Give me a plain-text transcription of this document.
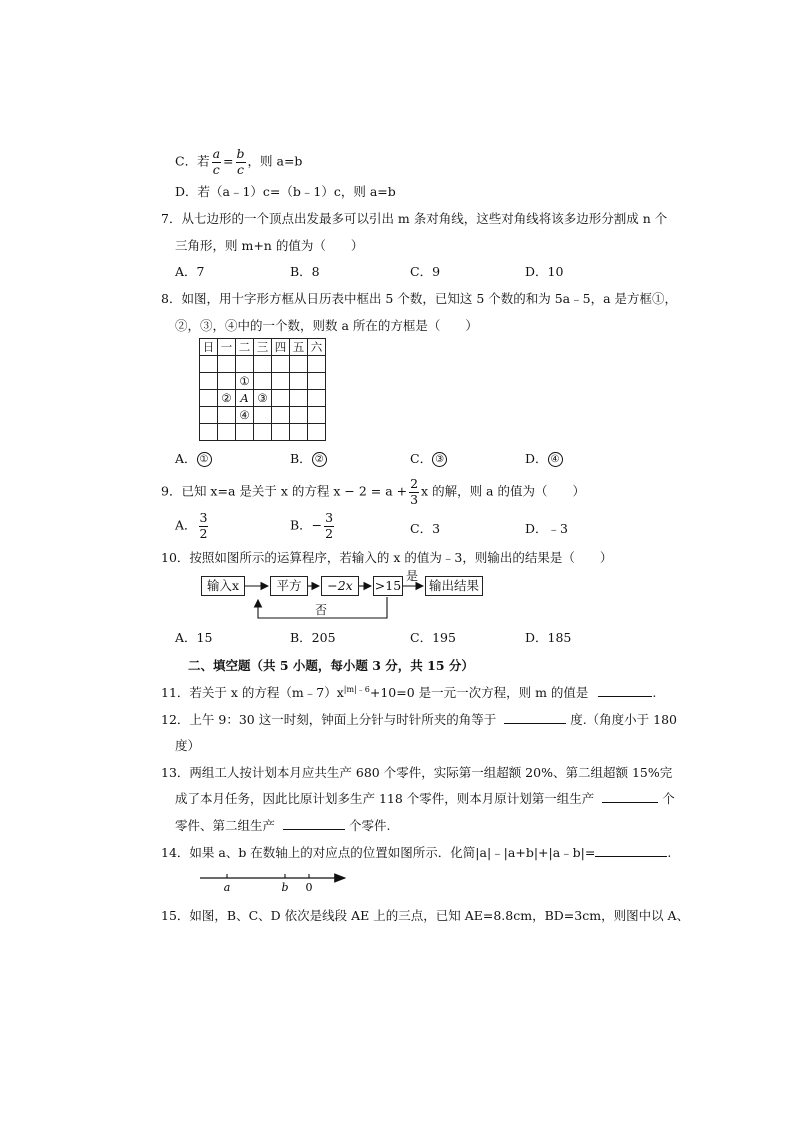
C．若 $\frac{a}{c} = \frac{b}{c}$ ，则 a=b
D．若（a﹣1）c=（b﹣1）c，则 a=b
7．从七边形的一个顶点出发最多可以引出 m 条对角线，这些对角线将该多边形分割成 n 个
三角形，则 m+n 的值为（　　）
A．7	B．8	C．9	D．10
8．如图，用十字形方框从日历表中框出 5 个数，已知这 5 个数的和为 5a﹣5，a 是方框①，
②，③，④中的一个数，则数 a 所在的方框是（　　）
日	一	二	三	四	五	六

		①				
	②	A	③			
		④				

A． ①	B． ②	C． ③	D． ④
9．已知 x=a 是关于 x 的方程 $x - 2 = a + \frac{2}{3}$ x 的解，则 a 的值为（　　）
A． $\frac{3}{2}$	B．− $\frac{3}{2}$	C．3	D．﹣3
10．按照如图所示的运算程序，若输入的 x 的值为﹣3，则输出的结果是（　　）
输入x	平方	−2x	>15	输出结果
是
否
A．15	B．205	C．195	D．185
二、填空题（共 5 小题，每小题 3 分，共 15 分）
11．若关于 x 的方程$(m﹣7)x^{|m|﹣6}+10=0$ 是一元一次方程，则 m 的值是	.
12．上午 9：30 这一时刻，钟面上分针与时针所夹的角等于	度.（角度小于 180
度）
13．两组工人按计划本月应共生产 680 个零件，实际第一组超额 20%、第二组超额 15%完
成了本月任务，因此比原计划多生产 118 个零件，则本月原计划第一组生产	个
零件、第二组生产	个零件.
14．如果 a、b 在数轴上的对应点的位置如图所示．化简|a|﹣|a+b|+|a﹣b|=	.
a	b 0
15．如图，B、C、D 依次是线段 AE 上的三点，已知 AE=8.8cm，BD=3cm，则图中以 A、
